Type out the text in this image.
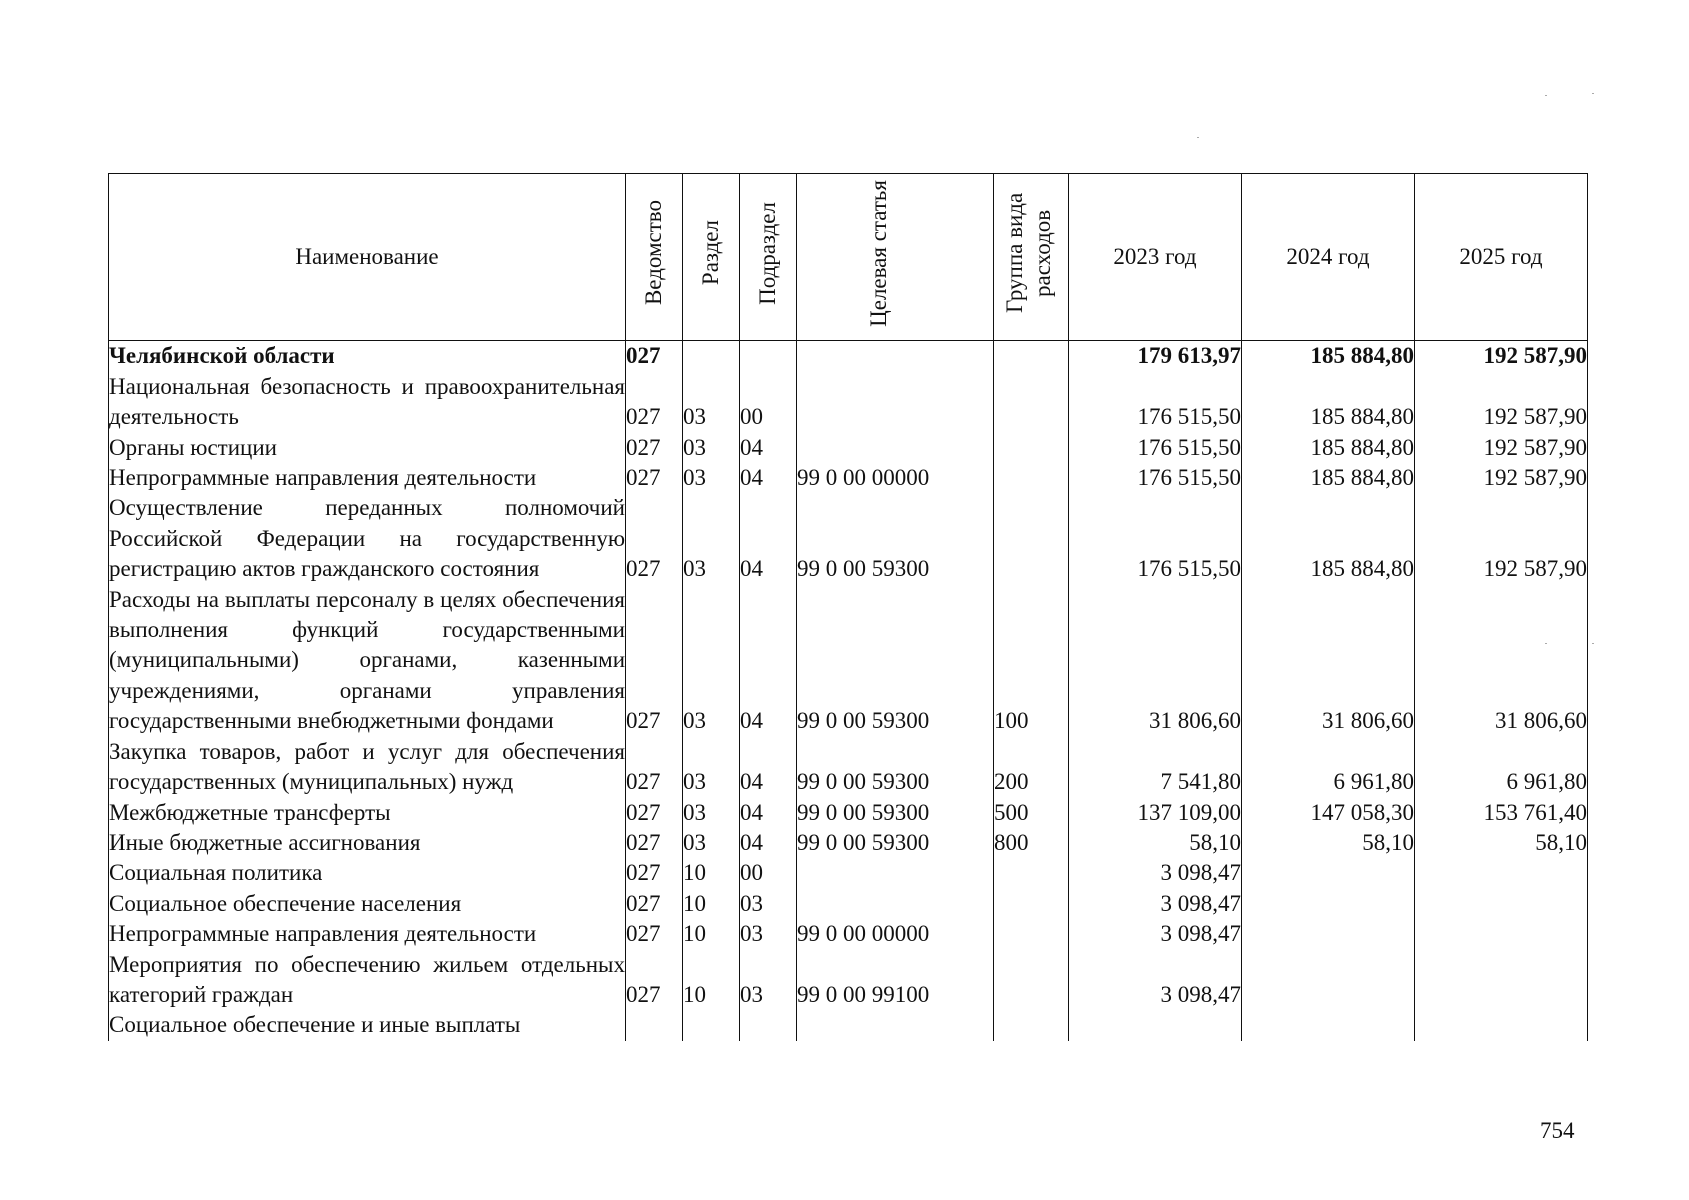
Наименование	Ведомство	Раздел	Подраздел	Целевая статья	Группа вида расходов	2023 год	2024 год	2025 год
Челябинской области	027					179 613,97	185 884,80	192 587,90
Национальная безопасность и правоохранительная деятельность	027	03	00			176 515,50	185 884,80	192 587,90
Органы юстиции	027	03	04			176 515,50	185 884,80	192 587,90
Непрограммные направления деятельности	027	03	04	99 0 00 00000		176 515,50	185 884,80	192 587,90
Осуществление переданных полномочий Российской Федерации на государственную регистрацию актов гражданского состояния	027	03	04	99 0 00 59300		176 515,50	185 884,80	192 587,90
Расходы на выплаты персоналу в целях обеспечения выполнения функций государственными (муниципальными) органами, казенными учреждениями, органами управления государственными внебюджетными фондами	027	03	04	99 0 00 59300	100	31 806,60	31 806,60	31 806,60
Закупка товаров, работ и услуг для обеспечения государственных (муниципальных) нужд	027	03	04	99 0 00 59300	200	7 541,80	6 961,80	6 961,80
Межбюджетные трансферты	027	03	04	99 0 00 59300	500	137 109,00	147 058,30	153 761,40
Иные бюджетные ассигнования	027	03	04	99 0 00 59300	800	58,10	58,10	58,10
Социальная политика	027	10	00			3 098,47		
Социальное обеспечение населения	027	10	03			3 098,47		
Непрограммные направления деятельности	027	10	03	99 0 00 00000		3 098,47		
Мероприятия по обеспечению жильем отдельных категорий граждан	027	10	03	99 0 00 99100		3 098,47		
Социальное обеспечение и иные выплаты								
754
